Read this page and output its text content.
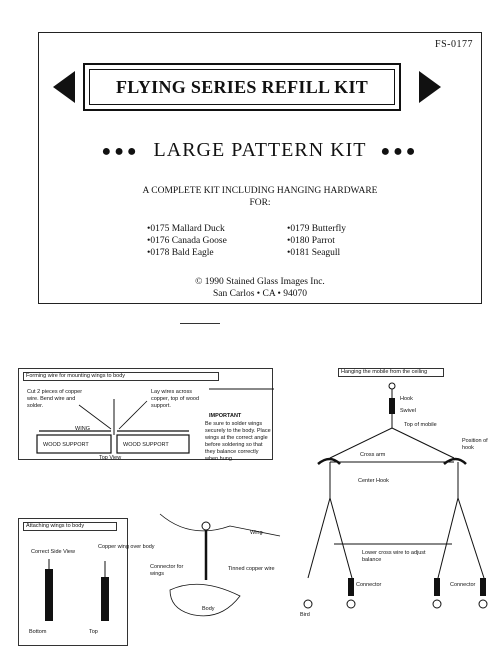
FS-0177
FLYING SERIES REFILL KIT
●●● LARGE PATTERN KIT ●●●
A COMPLETE KIT INCLUDING HANGING HARDWARE
FOR:
•0175 Mallard Duck
•0176 Canada Goose
•0178 Bald Eagle
•0179 Butterfly
•0180 Parrot
•0181 Seagull
© 1990 Stained Glass Images Inc.
San Carlos • CA • 94070
Forming wire for mounting wings to body
Cut 2 pieces of copper wire. Bend wire and solder.
Lay wires across copper, top of wood support.
WING
WOOD SUPPORT	WOOD SUPPORT
Top View
IMPORTANT
Be sure to solder wings securely to the body. Place wings at the correct angle before soldering so that they balance correctly when hung.
Attaching wings to body
Correct Side View
Bottom	Top
Copper wing over body
Connector for wings
Wing
Tinned copper wire
Body
Hanging the mobile from the ceiling
Hook
Swivel
Top of mobile
Cross arm
Position of hook
Center Hook
Lower cross wire to adjust balance
Connector	Connector
Bird
